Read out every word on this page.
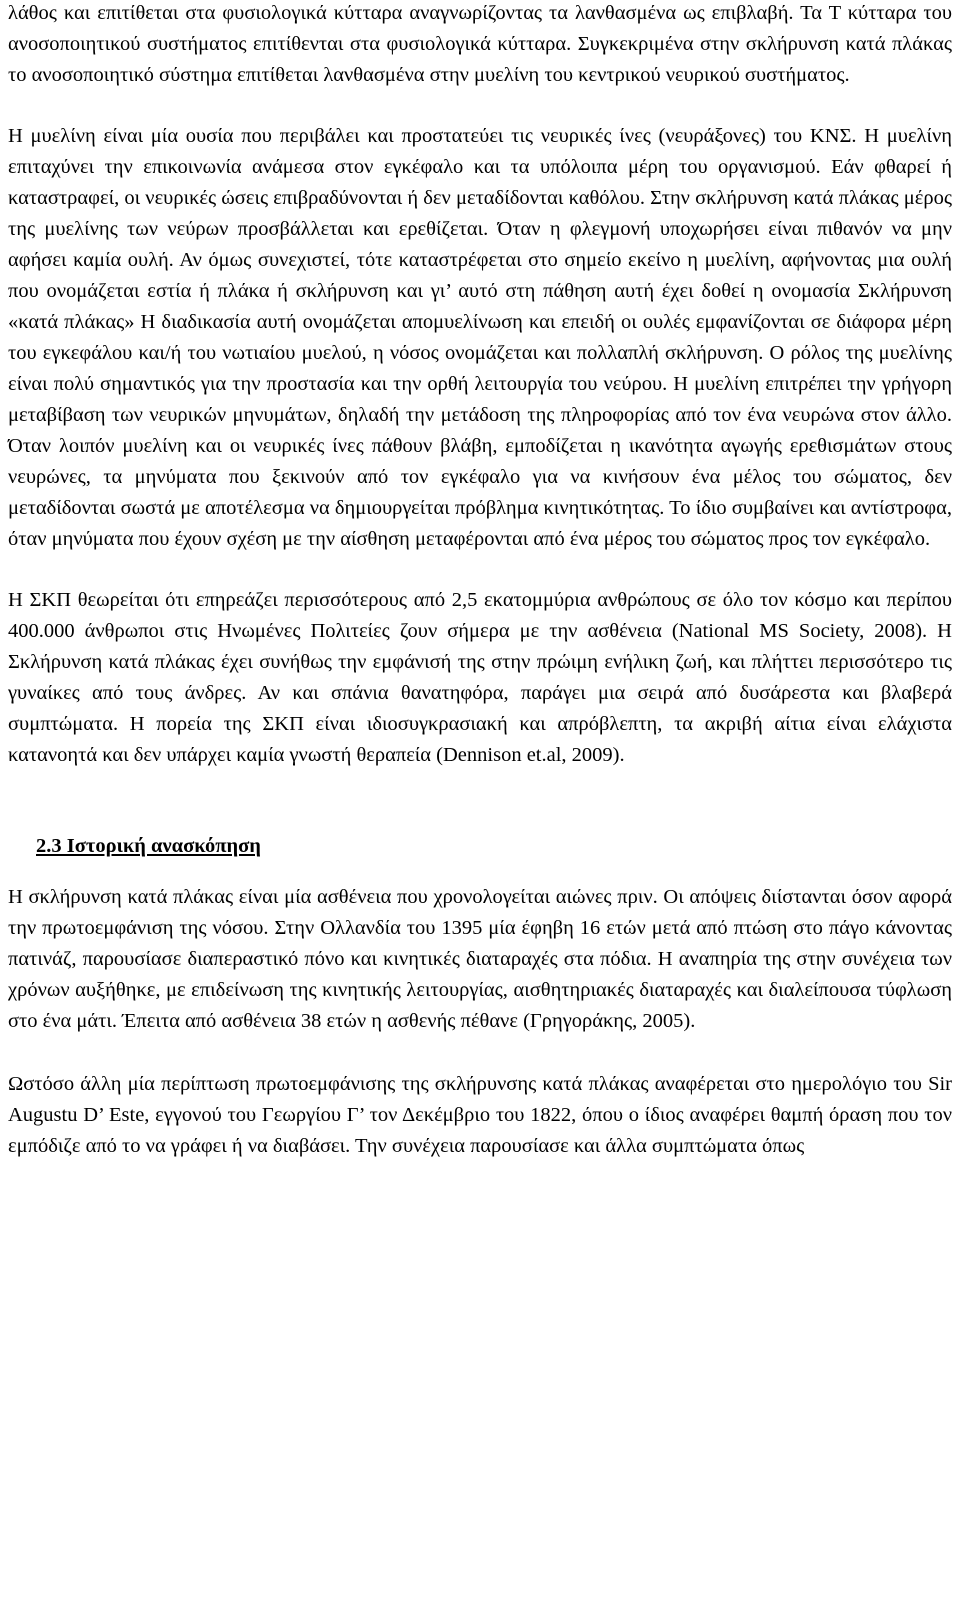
λάθος και επιτίθεται στα φυσιολογικά κύτταρα αναγνωρίζοντας τα λανθασμένα ως επιβλαβή. Τα Τ κύτταρα του ανοσοποιητικού συστήματος επιτίθενται στα φυσιολογικά κύτταρα. Συγκεκριμένα στην σκλήρυνση κατά πλάκας το ανοσοποιητικό σύστημα επιτίθεται λανθασμένα στην μυελίνη του κεντρικού νευρικού συστήματος.

Η μυελίνη είναι μία ουσία που περιβάλει και προστατεύει τις νευρικές ίνες (νευράξονες) του ΚΝΣ. Η μυελίνη επιταχύνει την επικοινωνία ανάμεσα στον εγκέφαλο και τα υπόλοιπα μέρη του οργανισμού. Εάν φθαρεί ή καταστραφεί, οι νευρικές ώσεις επιβραδύνονται ή δεν μεταδίδονται καθόλου. Στην σκλήρυνση κατά πλάκας μέρος της μυελίνης των νεύρων προσβάλλεται και ερεθίζεται. Όταν η φλεγμονή υποχωρήσει είναι πιθανόν να μην αφήσει καμία ουλή. Αν όμως συνεχιστεί, τότε καταστρέφεται στο σημείο εκείνο η μυελίνη, αφήνοντας μια ουλή που ονομάζεται εστία ή πλάκα ή σκλήρυνση και γι’ αυτό στη πάθηση αυτή έχει δοθεί η ονομασία Σκλήρυνση «κατά πλάκας» Η διαδικασία αυτή ονομάζεται απομυελίνωση και επειδή οι ουλές εμφανίζονται σε διάφορα μέρη του εγκεφάλου και/ή του νωτιαίου μυελού, η νόσος ονομάζεται και πολλαπλή σκλήρυνση. Ο ρόλος της μυελίνης είναι πολύ σημαντικός για την προστασία και την ορθή λειτουργία του νεύρου. Η μυελίνη επιτρέπει την γρήγορη μεταβίβαση των νευρικών μηνυμάτων, δηλαδή την μετάδοση της πληροφορίας από τον ένα νευρώνα στον άλλο. Όταν λοιπόν μυελίνη και οι νευρικές ίνες πάθουν βλάβη, εμποδίζεται η ικανότητα αγωγής ερεθισμάτων στους νευρώνες, τα μηνύματα που ξεκινούν από τον εγκέφαλο για να κινήσουν ένα μέλος του σώματος, δεν μεταδίδονται σωστά με αποτέλεσμα να δημιουργείται πρόβλημα κινητικότητας. Το ίδιο συμβαίνει και αντίστροφα, όταν μηνύματα που έχουν σχέση με την αίσθηση μεταφέρονται από ένα μέρος του σώματος προς τον εγκέφαλο.

Η ΣΚΠ θεωρείται ότι επηρεάζει περισσότερους από 2,5 εκατομμύρια ανθρώπους σε όλο τον κόσμο και περίπου 400.000 άνθρωποι στις Ηνωμένες Πολιτείες ζουν σήμερα με την ασθένεια (National MS Society, 2008). Η Σκλήρυνση κατά πλάκας έχει συνήθως την εμφάνισή της στην πρώιμη ενήλικη ζωή, και πλήττει περισσότερο τις γυναίκες από τους άνδρες. Αν και σπάνια θανατηφόρα, παράγει μια σειρά από δυσάρεστα και βλαβερά συμπτώματα. Η πορεία της ΣΚΠ είναι ιδιοσυγκρασιακή και απρόβλεπτη, τα ακριβή αίτια είναι ελάχιστα κατανοητά και δεν υπάρχει καμία γνωστή θεραπεία (Dennison et.al, 2009).

2.3 Ιστορική ανασκόπηση

Η σκλήρυνση κατά πλάκας είναι μία ασθένεια που χρονολογείται αιώνες πριν. Οι απόψεις διίστανται όσον αφορά την πρωτοεμφάνιση της νόσου. Στην Ολλανδία του 1395 μία έφηβη 16 ετών μετά από πτώση στο πάγο κάνοντας πατινάζ, παρουσίασε διαπεραστικό πόνο και κινητικές διαταραχές στα πόδια. Η αναπηρία της στην συνέχεια των χρόνων αυξήθηκε, με επιδείνωση της κινητικής λειτουργίας, αισθητηριακές διαταραχές και διαλείπουσα τύφλωση στο ένα μάτι. Έπειτα από ασθένεια 38 ετών η ασθενής πέθανε (Γρηγοράκης, 2005).

Ωστόσο άλλη μία περίπτωση πρωτοεμφάνισης της σκλήρυνσης κατά πλάκας αναφέρεται στο ημερολόγιο του Sir Augustu D’ Este, εγγονού του Γεωργίου Γ’ τον Δεκέμβριο του 1822, όπου ο ίδιος αναφέρει θαμπή όραση που τον εμπόδιζε από το να γράφει ή να διαβάσει. Την συνέχεια παρουσίασε και άλλα συμπτώματα όπως
